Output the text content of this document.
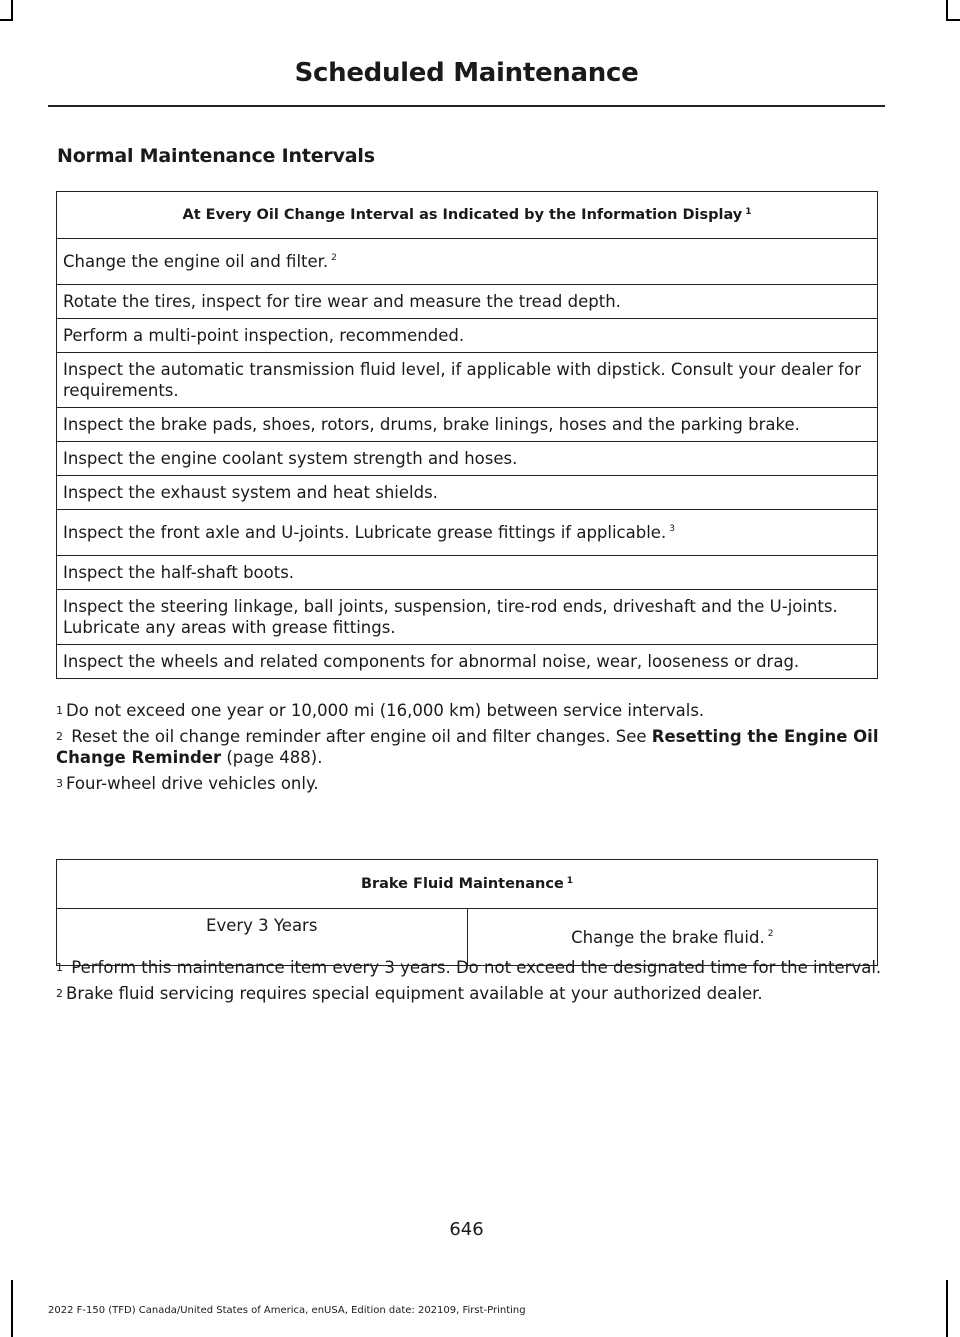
Scheduled Maintenance
Normal Maintenance Intervals
At Every Oil Change Interval as Indicated by the Information Display $^1$
Change the engine oil and filter. $^2$
Rotate the tires, inspect for tire wear and measure the tread depth.
Perform a multi-point inspection, recommended.
Inspect the automatic transmission fluid level, if applicable with dipstick. Consult your dealer for requirements.
Inspect the brake pads, shoes, rotors, drums, brake linings, hoses and the parking brake.
Inspect the engine coolant system strength and hoses.
Inspect the exhaust system and heat shields.
Inspect the front axle and U-joints. Lubricate grease fittings if applicable. $^3$
Inspect the half-shaft boots.
Inspect the steering linkage, ball joints, suspension, tire-rod ends, driveshaft and the U-joints. Lubricate any areas with grease fittings.
Inspect the wheels and related components for abnormal noise, wear, looseness or drag.

$^1$ Do not exceed one year or 10,000 mi (16,000 km) between service intervals.

$^2$ Reset the oil change reminder after engine oil and filter changes. See Resetting the Engine Oil Change Reminder (page 488).

$^3$ Four-wheel drive vehicles only.

Brake Fluid Maintenance $^1$
Every 3 Years	Change the brake fluid. $^2$

$^1$ Perform this maintenance item every 3 years. Do not exceed the designated time for the interval.

$^2$ Brake fluid servicing requires special equipment available at your authorized dealer.

646
2022 F-150 (TFD) Canada/United States of America, enUSA, Edition date: 202109, First-Printing
